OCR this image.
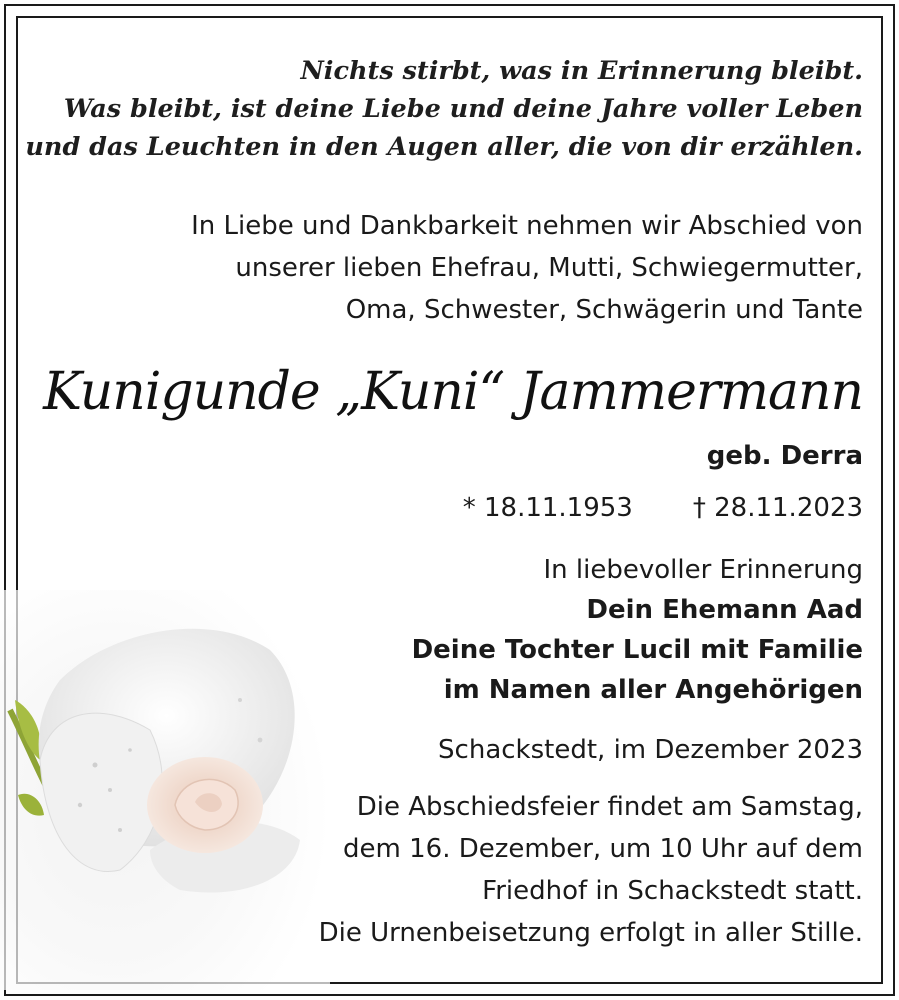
Nichts stirbt, was in Erinnerung bleibt.
Was bleibt, ist deine Liebe und deine Jahre voller Leben
und das Leuchten in den Augen aller, die von dir erzählen.
In Liebe und Dankbarkeit nehmen wir Abschied von
unserer lieben Ehefrau, Mutti, Schwiegermutter,
Oma, Schwester, Schwägerin und Tante
Kunigunde „Kuni“ Jammermann
geb. Derra
* 18.11.1953 † 28.11.2023
In liebevoller Erinnerung
Dein Ehemann Aad
Deine Tochter Lucil mit Familie
im Namen aller Angehörigen
Schackstedt, im Dezember 2023
Die Abschiedsfeier findet am Samstag,
dem 16. Dezember, um 10 Uhr auf dem
Friedhof in Schackstedt statt.
Die Urnenbeisetzung erfolgt in aller Stille.
